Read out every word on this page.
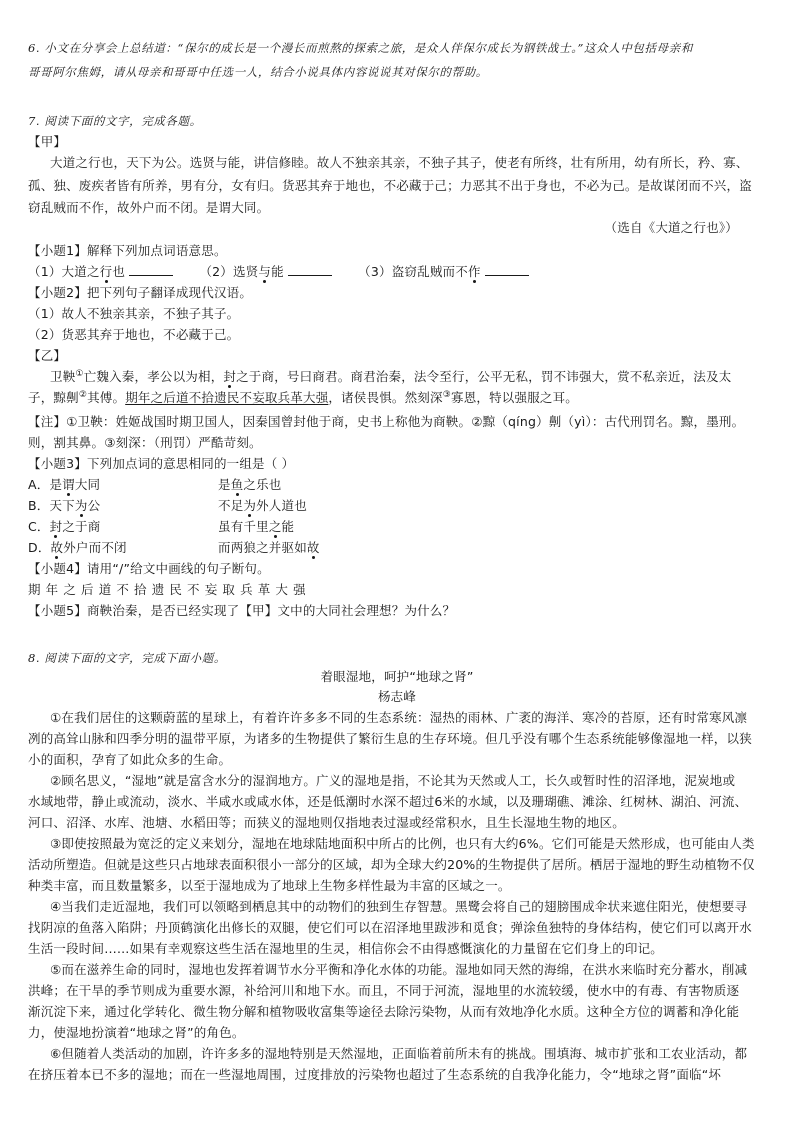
6. 小文在分享会上总结道：“保尔的成长是一个漫长而煎熬的探索之旅，是众人伴保尔成长为钢铁战士。”这众人中包括母亲和
哥哥阿尔焦姆，请从母亲和哥哥中任选一人，结合小说具体内容说说其对保尔的帮助。
7. 阅读下面的文字，完成各题。
【甲】
大道之行也，天下为公。选贤与能，讲信修睦。故人不独亲其亲，不独子其子，使老有所终，壮有所用，幼有所长，矜、寡、
孤、独、废疾者皆有所养，男有分，女有归。货恶其弃于地也，不必藏于己；力恶其不出于身也，不必为己。是故谋闭而不兴，盗
窃乱贼而不作，故外户而不闭。是谓大同。
（选自《大道之行也》）
【小题1】解释下列加点词语意思。
（1）大道之行也	（2）选贤与能	（3）盗窃乱贼而不作
【小题2】把下列句子翻译成现代汉语。
（1）故人不独亲其亲，不独子其子。
（2）货恶其弃于地也，不必藏于己。
【乙】
卫鞅①亡魏入秦，孝公以为相，封之于商，号曰商君。商君治秦，法令至行，公平无私，罚不讳强大，赏不私亲近，法及太
子，黥劓②其傅。期年之后道不拾遗民不妄取兵革大强，诸侯畏惧。然刻深③寡恩，特以强服之耳。
【注】①卫鞅：姓姬战国时期卫国人，因秦国曾封他于商，史书上称他为商鞅。②黥（qíng）劓（yì）：古代刑罚名。黥，墨刑。
则，割其鼻。③刻深：（刑罚）严酷苛刻。
【小题3】下列加点词的意思相同的一组是（ ）
A．是谓大同	是鱼之乐也
B．天下为公	不足为外人道也
C．封之于商	虽有千里之能
D．故外户而不闭	而两狼之并驱如故
【小题4】请用“/”给文中画线的句子断句。
期 年 之 后 道 不 拾 遗 民 不 妄 取 兵 革 大 强
【小题5】商鞅治秦，是否已经实现了【甲】文中的大同社会理想？为什么？
8. 阅读下面的文字，完成下面小题。
着眼湿地，呵护“地球之肾”
杨志峰
①在我们居住的这颗蔚蓝的星球上，有着许许多多不同的生态系统：湿热的雨林、广袤的海洋、寒冷的苔原，还有时常寒风凛
冽的高耸山脉和四季分明的温带平原，为诸多的生物提供了繁衍生息的生存环境。但几乎没有哪个生态系统能够像湿地一样，以狭
小的面积，孕育了如此众多的生命。
②顾名思义，“湿地”就是富含水分的湿润地方。广义的湿地是指，不论其为天然或人工，长久或暂时性的沼泽地，泥炭地或
水域地带，静止或流动，淡水、半咸水或咸水体，还是低潮时水深不超过6米的水域，以及珊瑚礁、滩涂、红树林、湖泊、河流、
河口、沼泽、水库、池塘、水稻田等；而狭义的湿地则仅指地表过湿或经常积水，且生长湿地生物的地区。
③即使按照最为宽泛的定义来划分，湿地在地球陆地面积中所占的比例，也只有大约6%。它们可能是天然形成，也可能由人类
活动所塑造。但就是这些只占地球表面积很小一部分的区域，却为全球大约20%的生物提供了居所。栖居于湿地的野生动植物不仅
种类丰富，而且数量繁多，以至于湿地成为了地球上生物多样性最为丰富的区域之一。
④当我们走近湿地，我们可以领略到栖息其中的动物们的独到生存智慧。黑鹭会将自己的翅膀围成伞状来遮住阳光，使想要寻
找阴凉的鱼落入陷阱；丹顶鹤演化出修长的双腿，使它们可以在沼泽地里跋涉和觅食；弹涂鱼独特的身体结构，使它们可以离开水
生活一段时间……如果有幸观察这些生活在湿地里的生灵，相信你会不由得感慨演化的力量留在它们身上的印记。
⑤而在滋养生命的同时，湿地也发挥着调节水分平衡和净化水体的功能。湿地如同天然的海绵，在洪水来临时充分蓄水，削减
洪峰；在干旱的季节则成为重要水源，补给河川和地下水。而且，不同于河流，湿地里的水流较缓，使水中的有毒、有害物质逐
渐沉淀下来，通过化学转化、微生物分解和植物吸收富集等途径去除污染物，从而有效地净化水质。这种全方位的调蓄和净化能
力，使湿地扮演着“地球之肾”的角色。
⑥但随着人类活动的加剧，许许多多的湿地特别是天然湿地，正面临着前所未有的挑战。围填海、城市扩张和工农业活动，都
在挤压着本已不多的湿地；而在一些湿地周围，过度排放的污染物也超过了生态系统的自我净化能力，令“地球之肾”面临“坏
